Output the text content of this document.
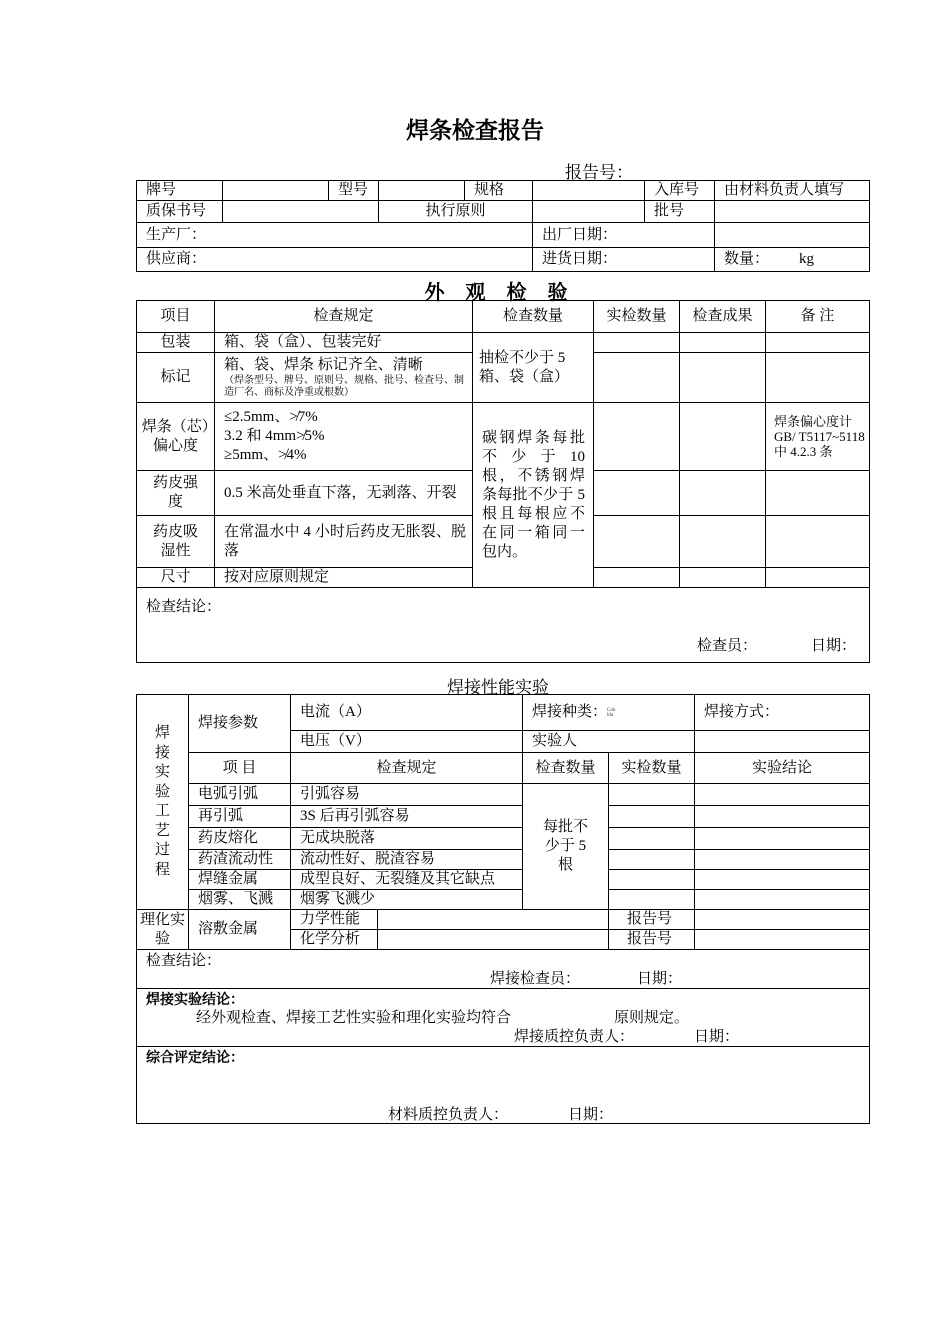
焊条检查报告
报告号：
牌号		型号		规格		入库号	由材料负责人填写
质保书号			执行原则			批号	
生产厂：					出厂日期：		
供应商：					进货日期：		数量： kg
外 观 检 验
项目	检查规定	检查数量	实检数量	检查成果	备 注
包装	箱、袋（盒）、包装完好	抽检不少于 5 箱、袋（盒）			
标记	箱、袋、焊条 标记齐全、清晰
（焊条型号、牌号、原则号、规格、批号、检查号、制造厂名、商标及净重或根数）				

焊条（芯）偏心度	≤2.5mm、≯7%
3.2 和 4mm≯5%
≥5mm、≯4%	碳钢焊条每批 不 少 于 10 根，不锈钢焊条每批不少于 5 根且每根应不在同一箱同一包内。			焊条偏心度计 GB/ T5117~5118 中 4.2.3 条
药皮强度	0.5 米高处垂直下落，无剥落、开裂				
药皮吸湿性	在常温水中 4 小时后药皮无胀裂、脱落				
尺寸	按对应原则规定				

检查结论：
检查员： 日期：					
焊接性能实验
焊接实验工艺过程	焊接参数	电流（A）		焊接种类：Cob bla		焊接方式：
		电压（V）		实验人		
	项 目	检查规定		检查数量	实检数量	实验结论
	电弧引弧	引弧容易		每批不少于 5 根		
	再引弧	3S 后再引弧容易				
	药皮熔化	无成块脱落				
	药渣流动性	流动性好、脱渣容易				
	焊缝金属	成型良好、无裂缝及其它缺点				
	烟雾、飞溅	烟雾飞溅少				
理化实验	溶敷金属	力学性能			报告号	
		化学分析			报告号	

检查结论：
焊接检查员： 日期：						

焊接实验结论：
经外观检查、焊接工艺性实验和理化实验均符合 原则规定。
焊接质控负责人： 日期：						

综合评定结论：
材料质控负责人： 日期：						
